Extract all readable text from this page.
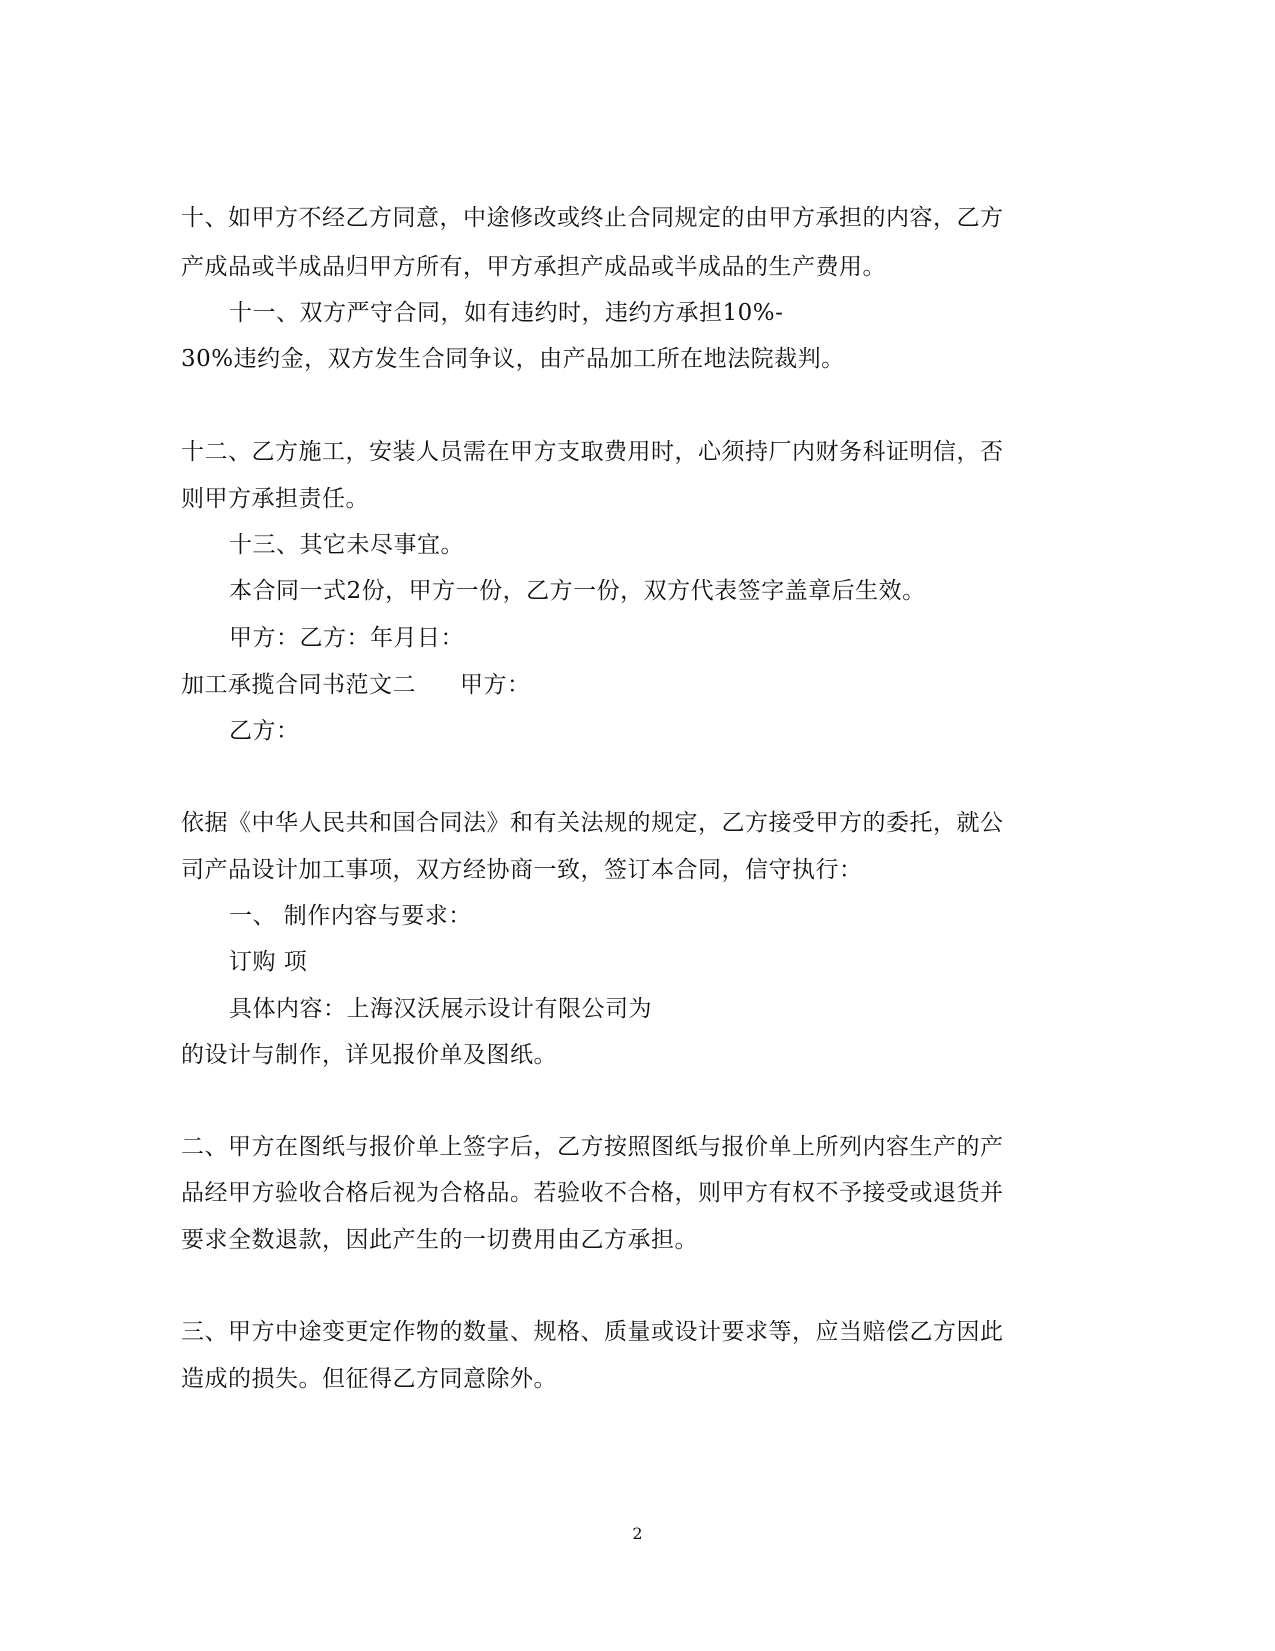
十、如甲方不经乙方同意，中途修改或终止合同规定的由甲方承担的内容，乙方
产成品或半成品归甲方所有，甲方承担产成品或半成品的生产费用。
十一、双方严守合同，如有违约时，违约方承担10%-
30%违约金，双方发生合同争议，由产品加工所在地法院裁判。
十二、乙方施工，安装人员需在甲方支取费用时，心须持厂内财务科证明信，否
则甲方承担责任。
十三、其它未尽事宜。
本合同一式2份，甲方一份，乙方一份，双方代表签字盖章后生效。
甲方：乙方：年月日：
加工承揽合同书范文二 甲方：
乙方：
依据《中华人民共和国合同法》和有关法规的规定，乙方接受甲方的委托，就公
司产品设计加工事项，双方经协商一致，签订本合同，信守执行：
一、 制作内容与要求：
订购 项
具体内容：上海汉沃展示设计有限公司为
的设计与制作，详见报价单及图纸。
二、甲方在图纸与报价单上签字后，乙方按照图纸与报价单上所列内容生产的产
品经甲方验收合格后视为合格品。若验收不合格，则甲方有权不予接受或退货并
要求全数退款，因此产生的一切费用由乙方承担。
三、甲方中途变更定作物的数量、规格、质量或设计要求等，应当赔偿乙方因此
造成的损失。但征得乙方同意除外。
2
